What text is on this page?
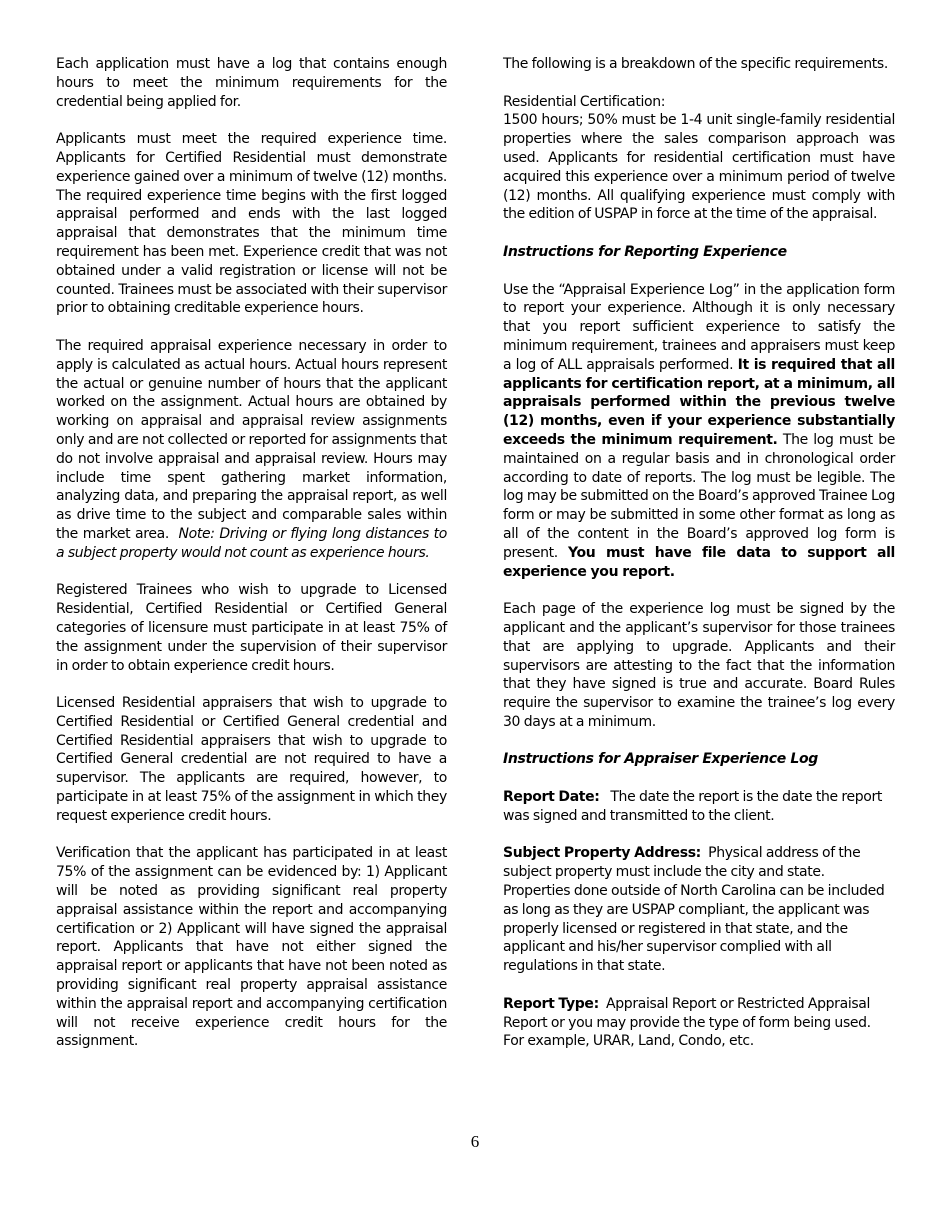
Each application must have a log that contains enough hours to meet the minimum requirements for the credential being applied for.

Applicants must meet the required experience time. Applicants for Certified Residential must demonstrate experience gained over a minimum of twelve (12) months. The required experience time begins with the first logged appraisal performed and ends with the last logged appraisal that demonstrates that the minimum time requirement has been met. Experience credit that was not obtained under a valid registration or license will not be counted. Trainees must be associated with their supervisor prior to obtaining creditable experience hours.

The required appraisal experience necessary in order to apply is calculated as actual hours. Actual hours represent the actual or genuine number of hours that the applicant worked on the assignment. Actual hours are obtained by working on appraisal and appraisal review assignments only and are not collected or reported for assignments that do not involve appraisal and appraisal review. Hours may include time spent gathering market information, analyzing data, and preparing the appraisal report, as well as drive time to the subject and comparable sales within the market area. Note: Driving or flying long distances to a subject property would not count as experience hours.

Registered Trainees who wish to upgrade to Licensed Residential, Certified Residential or Certified General categories of licensure must participate in at least 75% of the assignment under the supervision of their supervisor in order to obtain experience credit hours.

Licensed Residential appraisers that wish to upgrade to Certified Residential or Certified General credential and Certified Residential appraisers that wish to upgrade to Certified General credential are not required to have a supervisor. The applicants are required, however, to participate in at least 75% of the assignment in which they request experience credit hours.

Verification that the applicant has participated in at least 75% of the assignment can be evidenced by: 1) Applicant will be noted as providing significant real property appraisal assistance within the report and accompanying certification or 2) Applicant will have signed the appraisal report. Applicants that have not either signed the appraisal report or applicants that have not been noted as providing significant real property appraisal assistance within the appraisal report and accompanying certification will not receive experience credit hours for the assignment.

The following is a breakdown of the specific requirements.

Residential Certification:
1500 hours; 50% must be 1-4 unit single-family residential properties where the sales comparison approach was used. Applicants for residential certification must have acquired this experience over a minimum period of twelve (12) months. All qualifying experience must comply with the edition of USPAP in force at the time of the appraisal.

Instructions for Reporting Experience

Use the “Appraisal Experience Log” in the application form to report your experience. Although it is only necessary that you report sufficient experience to satisfy the minimum requirement, trainees and appraisers must keep a log of ALL appraisals performed. It is required that all applicants for certification report, at a minimum, all appraisals performed within the previous twelve (12) months, even if your experience substantially exceeds the minimum requirement. The log must be maintained on a regular basis and in chronological order according to date of reports. The log must be legible. The log may be submitted on the Board’s approved Trainee Log form or may be submitted in some other format as long as all of the content in the Board’s approved log form is present. You must have file data to support all experience you report.

Each page of the experience log must be signed by the applicant and the applicant’s supervisor for those trainees that are applying to upgrade. Applicants and their supervisors are attesting to the fact that the information that they have signed is true and accurate. Board Rules require the supervisor to examine the trainee’s log every 30 days at a minimum.

Instructions for Appraiser Experience Log

Report Date: The date the report is the date the report was signed and transmitted to the client.

Subject Property Address: Physical address of the subject property must include the city and state. Properties done outside of North Carolina can be included as long as they are USPAP compliant, the applicant was properly licensed or registered in that state, and the applicant and his/her supervisor complied with all regulations in that state.

Report Type: Appraisal Report or Restricted Appraisal Report or you may provide the type of form being used. For example, URAR, Land, Condo, etc.

6
